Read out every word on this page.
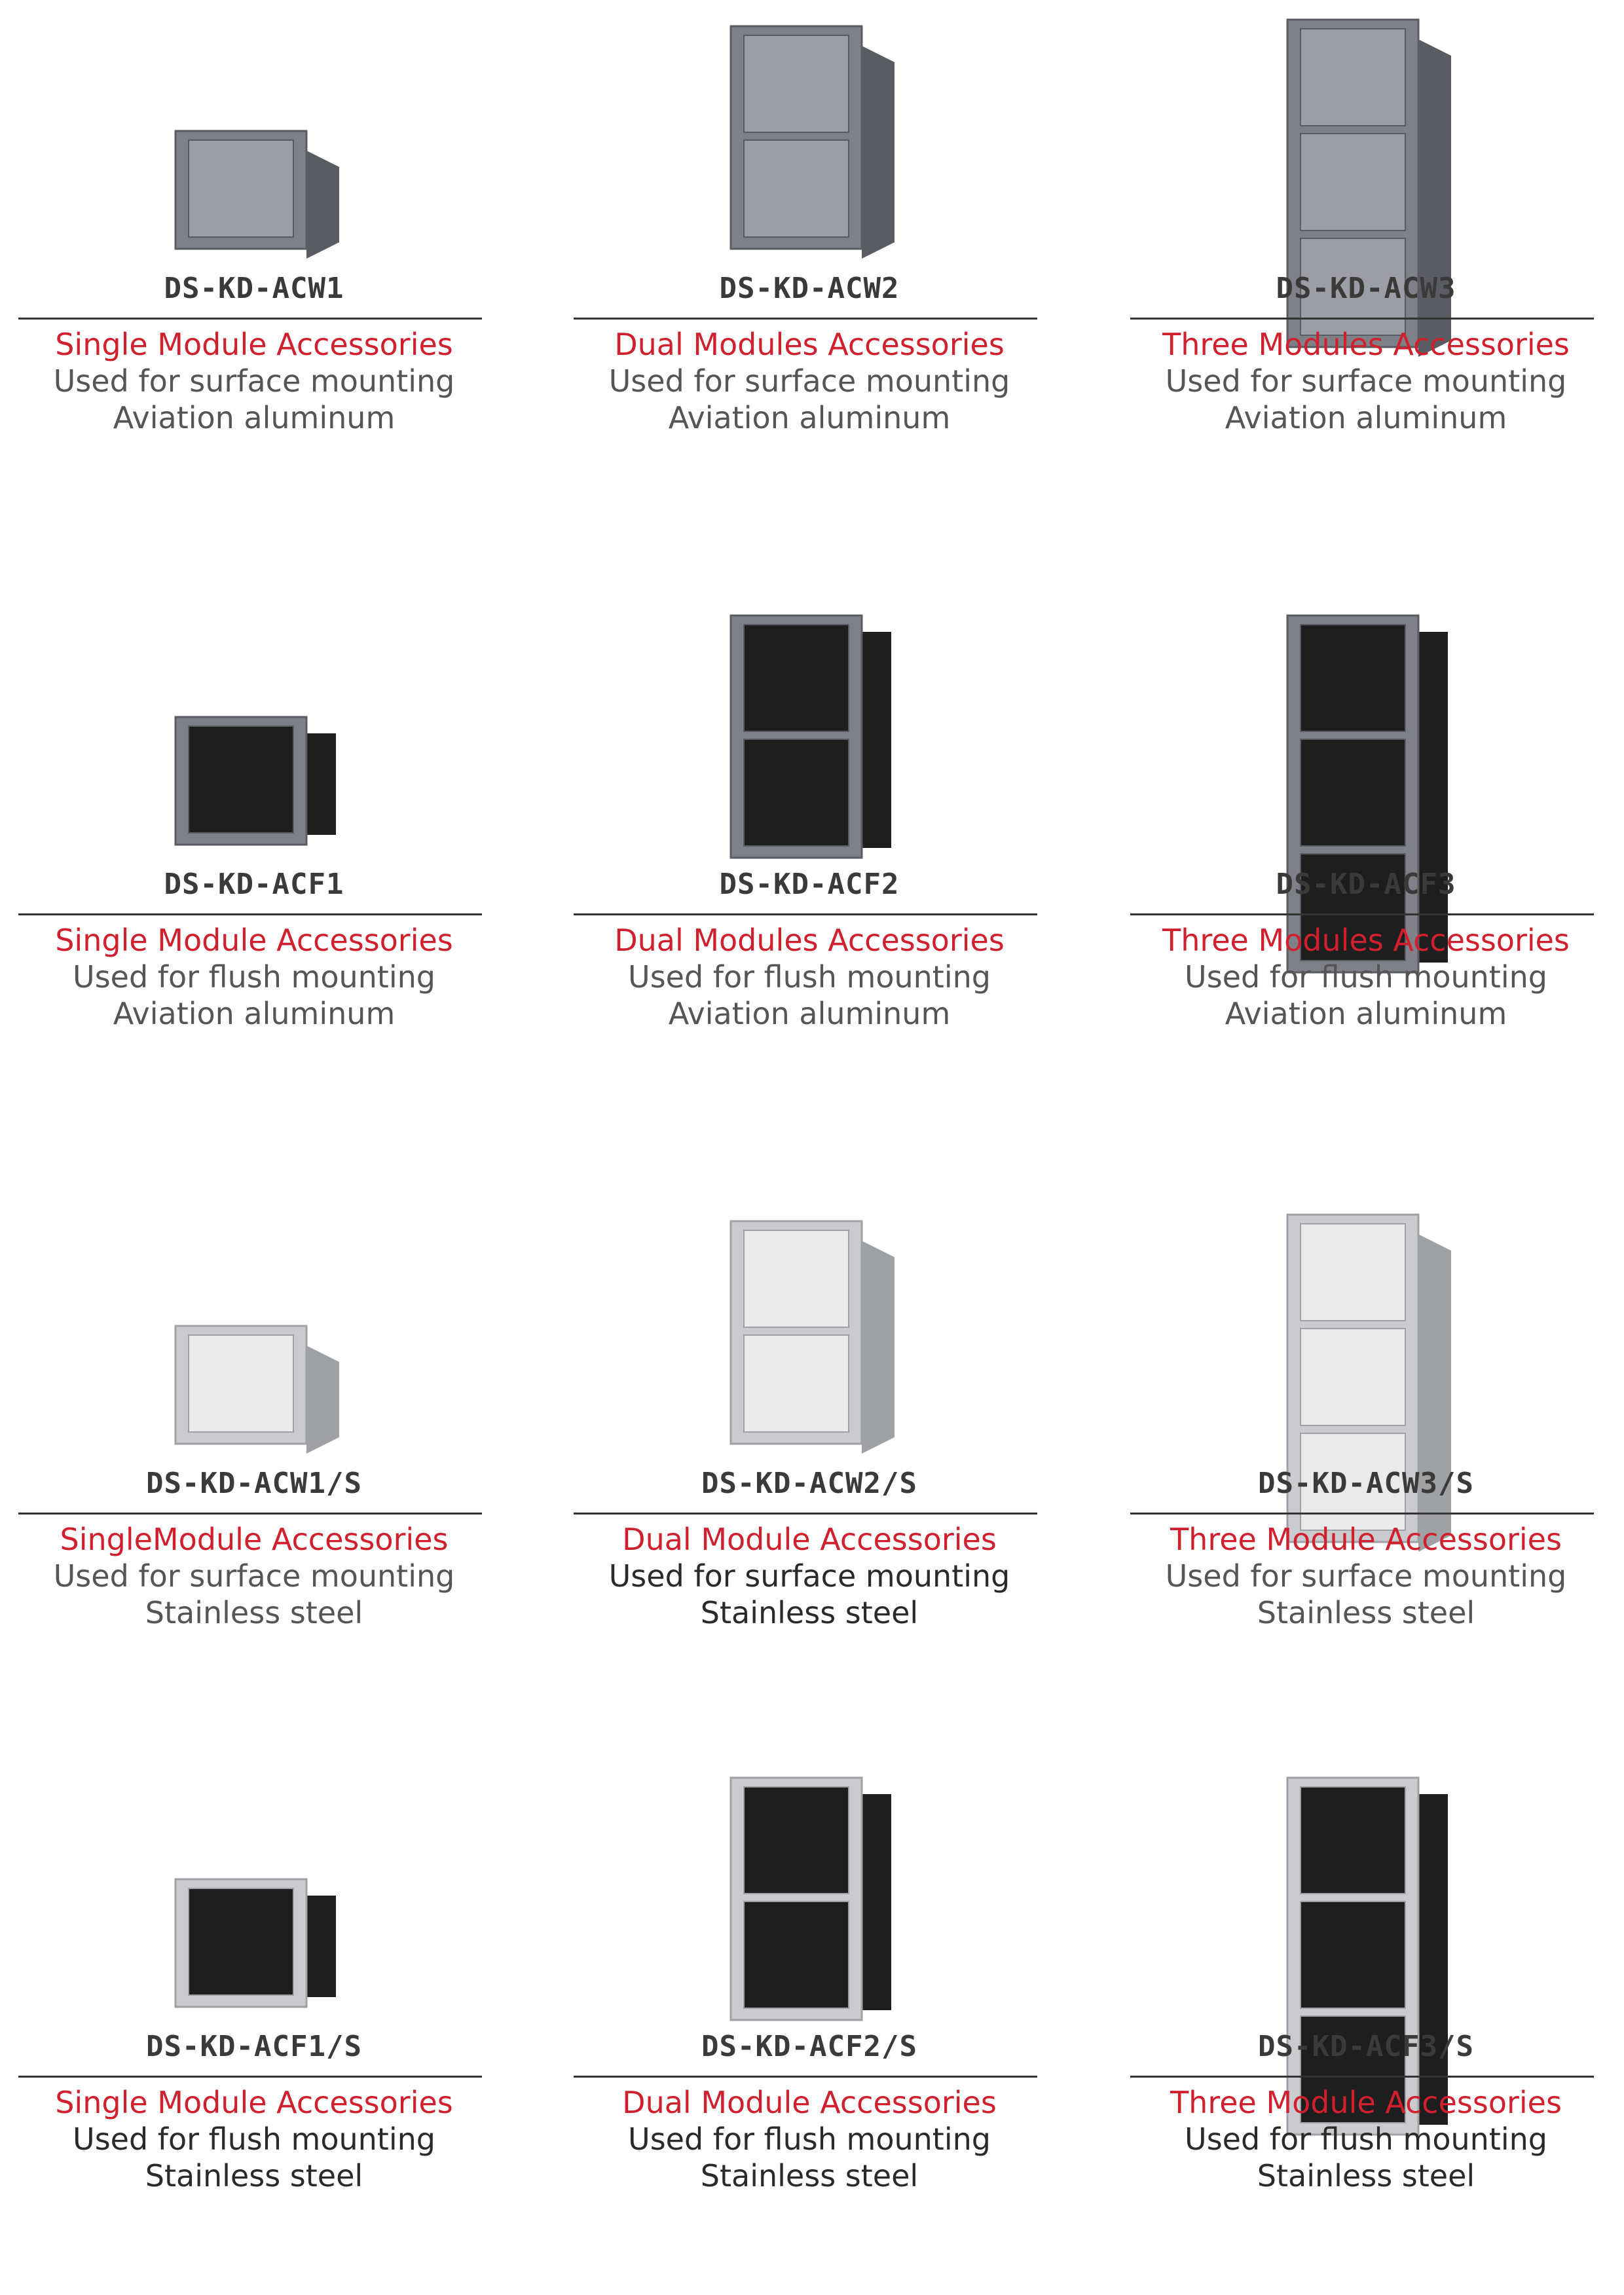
DS-KD-ACW1
Single Module Accessories
Used for surface mounting
Aviation aluminum
DS-KD-ACW2
Dual Modules Accessories
Used for surface mounting
Aviation aluminum
DS-KD-ACW3
Three Modules Accessories
Used for surface mounting
Aviation aluminum
DS-KD-ACF1
Single Module Accessories
Used for flush mounting
Aviation aluminum
DS-KD-ACF2
Dual Modules Accessories
Used for flush mounting
Aviation aluminum
DS-KD-ACF3
Three Modules Accessories
Used for flush mounting
Aviation aluminum
DS-KD-ACW1/S
SingleModule Accessories
Used for surface mounting
Stainless steel
DS-KD-ACW2/S
Dual Module Accessories
Used for surface mounting
Stainless steel
DS-KD-ACW3/S
Three Module Accessories
Used for surface mounting
Stainless steel
DS-KD-ACF1/S
Single Module Accessories
Used for flush mounting
Stainless steel
DS-KD-ACF2/S
Dual Module Accessories
Used for flush mounting
Stainless steel
DS-KD-ACF3/S
Three Module Accessories
Used for flush mounting
Stainless steel
